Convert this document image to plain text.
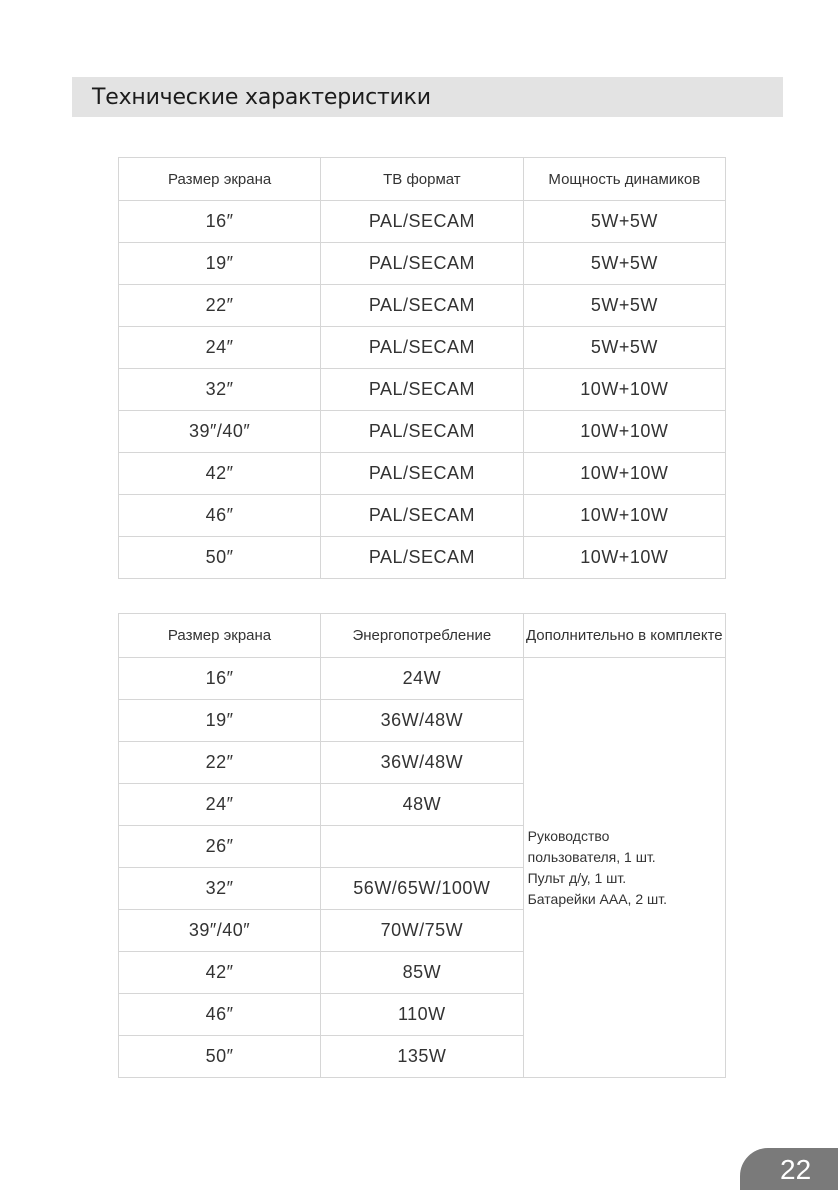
Технические характеристики
Размер экрана	ТВ формат	Мощность динамиков
16″	PAL/SECAM	5W+5W
19″	PAL/SECAM	5W+5W
22″	PAL/SECAM	5W+5W
24″	PAL/SECAM	5W+5W
32″	PAL/SECAM	10W+10W
39″/40″	PAL/SECAM	10W+10W
42″	PAL/SECAM	10W+10W
46″	PAL/SECAM	10W+10W
50″	PAL/SECAM	10W+10W
Размер экрана	Энергопотребление	Дополнительно в комплекте
16″	24W	Руководство
пользователя, 1 шт.
Пульт д/у, 1 шт.
Батарейки ААА, 2 шт.

19″	36W/48W	
22″	36W/48W	
24″	48W	
26″		
32″	56W/65W/100W	
39″/40″	70W/75W	
42″	85W	
46″	110W	
50″	135W	
22
